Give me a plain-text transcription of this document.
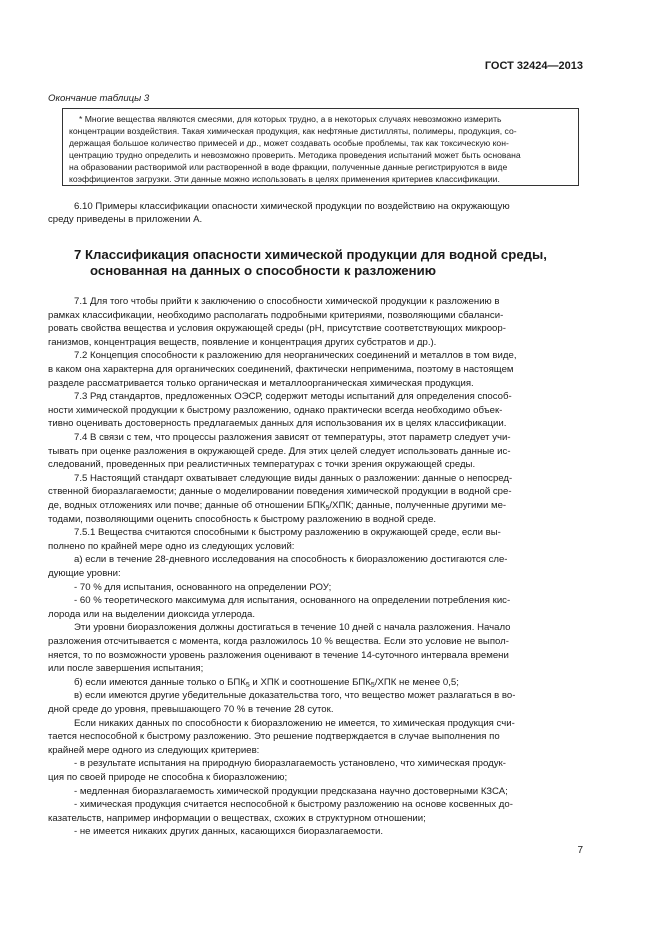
ГОСТ 32424—2013
Окончание таблицы 3
* Многие вещества являются смесями, для которых трудно, а в некоторых случаях невозможно измерить
концентрации воздействия. Такая химическая продукция, как нефтяные дистилляты, полимеры, продукция, со-
держащая большое количество примесей и др., может создавать особые проблемы, так как токсическую кон-
центрацию трудно определить и невозможно проверить. Методика проведения испытаний может быть основана
на образовании растворимой или растворенной в воде фракции, полученные данные регистрируются в виде
коэффициентов загрузки. Эти данные можно использовать в целях применения критериев классификации.
6.10 Примеры классификации опасности химической продукции по воздействию на окружающую
среду приведены в приложении А.
7 Классификация опасности химической продукции для водной среды,
основанная на данных о способности к разложению
7.1 Для того чтобы прийти к заключению о способности химической продукции к разложению в
рамках классификации, необходимо располагать подробными критериями, позволяющими сбаланси-
ровать свойства вещества и условия окружающей среды (pH, присутствие соответствующих микроор-
ганизмов, концентрация веществ, появление и концентрация других субстратов и др.).
7.2 Концепция способности к разложению для неорганических соединений и металлов в том виде,
в каком она характерна для органических соединений, фактически неприменима, поэтому в настоящем
разделе рассматривается только органическая и металлоорганическая химическая продукция.
7.3 Ряд стандартов, предложенных ОЭСР, содержит методы испытаний для определения способ-
ности химической продукции к быстрому разложению, однако практически всегда необходимо объек-
тивно оценивать достоверность предлагаемых данных для использования их в целях классификации.
7.4 В связи с тем, что процессы разложения зависят от температуры, этот параметр следует учи-
тывать при оценке разложения в окружающей среде. Для этих целей следует использовать данные ис-
следований, проведенных при реалистичных температурах с точки зрения окружающей среды.
7.5 Настоящий стандарт охватывает следующие виды данных о разложении: данные о непосред-
ственной биоразлагаемости; данные о моделировании поведения химической продукции в водной сре-
де, водных отложениях или почве; данные об отношении $БПК_5$/ХПК; данные, полученные другими ме-
тодами, позволяющими оценить способность к быстрому разложению в водной среде.
7.5.1 Вещества считаются способными к быстрому разложению в окружающей среде, если вы-
полнено по крайней мере одно из следующих условий:
а) если в течение 28-дневного исследования на способность к биоразложению достигаются сле-
дующие уровни:
- 70 % для испытания, основанного на определении РОУ;
- 60 % теоретического максимума для испытания, основанного на определении потребления кис-
лорода или на выделении диоксида углерода.
Эти уровни биоразложения должны достигаться в течение 10 дней с начала разложения. Начало
разложения отсчитывается с момента, когда разложилось 10 % вещества. Если это условие не выпол-
няется, то по возможности уровень разложения оценивают в течение 14-суточного интервала времени
или после завершения испытания;
б) если имеются данные только о $БПК_5$ и ХПК и соотношение $БПК_5$/ХПК не менее 0,5;
в) если имеются другие убедительные доказательства того, что вещество может разлагаться в во-
дной среде до уровня, превышающего 70 % в течение 28 суток.
Если никаких данных по способности к биоразложению не имеется, то химическая продукция счи-
тается неспособной к быстрому разложению. Это решение подтверждается в случае выполнения по
крайней мере одного из следующих критериев:
- в результате испытания на природную биоразлагаемость установлено, что химическая продук-
ция по своей природе не способна к биоразложению;
- медленная биоразлагаемость химической продукции предсказана научно достоверными КЗСА;
- химическая продукция считается неспособной к быстрому разложению на основе косвенных до-
казательств, например информации о веществах, схожих в структурном отношении;
- не имеется никаких других данных, касающихся биоразлагаемости.
7
